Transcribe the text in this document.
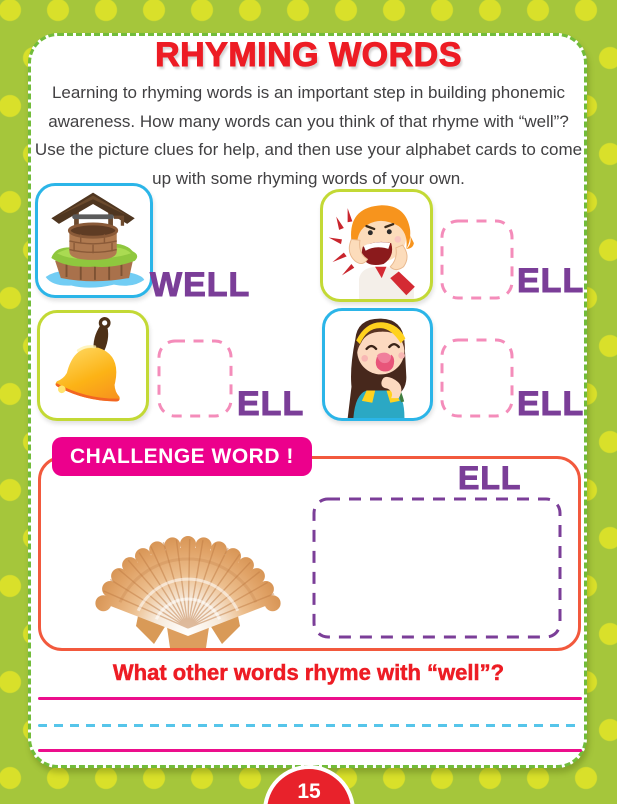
RHYMING WORDS
Learning to rhyming words is an important step in building phonemic awareness. How many words can you think of that rhyme with “well”? Use the picture clues for help, and then use your alphabet cards to come up with some rhyming words of your own.
WELL	ELL
ELL	ELL
CHALLENGE WORD !
ELL
What other words rhyme with “well”?
15
